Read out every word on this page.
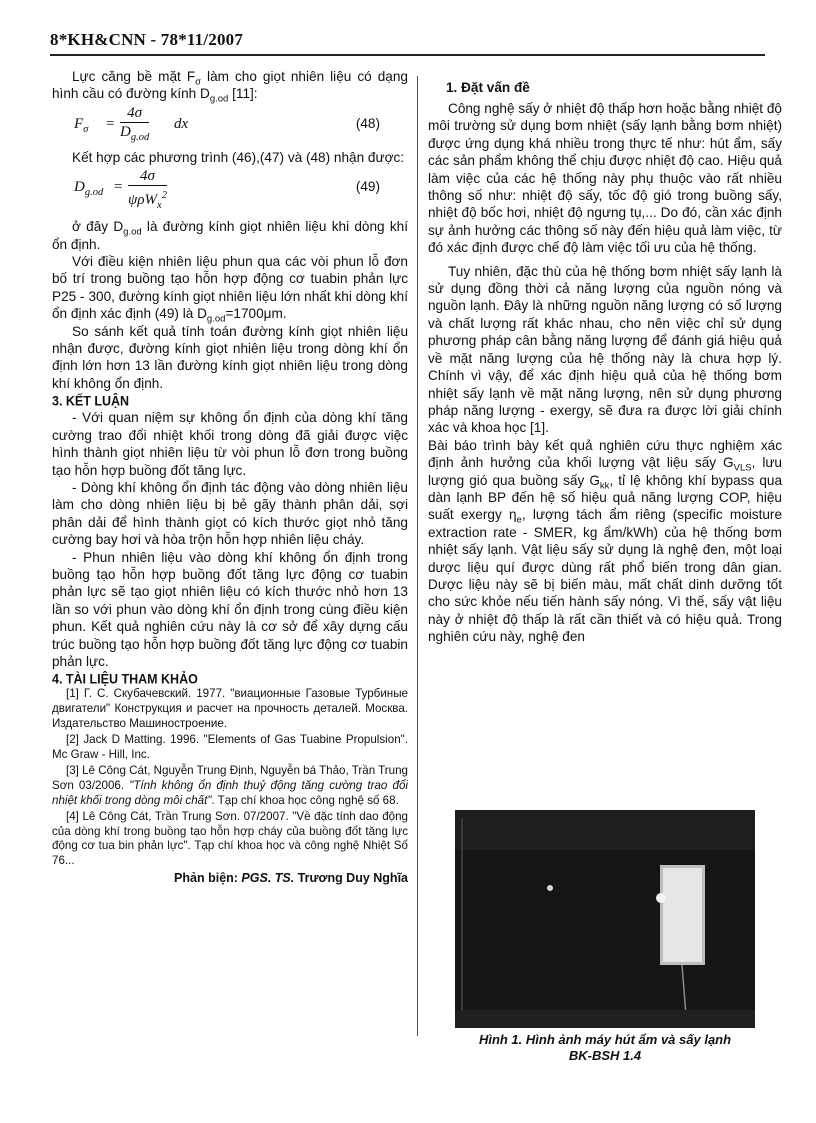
8*KH&CNN - 78*11/2007

Lực căng bề mặt $F_\sigma$ làm cho giọt nhiên liệu có dạng hình cầu có đường kính $D_{g.od}$ [11]:

$F_\sigma = \frac{4\sigma}{D_{g.od}}$ dx	(48)

Kết hợp các phương trình (46),(47) và (48) nhận được:

$D_{g.od}$ =
4σ
ψρW$_x^2$
(49)

ở đây $D_{g.od}$ là đường kính giọt nhiên liệu khi dòng khí ổn định.

Với điều kiện nhiên liệu phun qua các vòi phun lỗ đơn bố trí trong buồng tạo hỗn hợp động cơ tuabin phản lực P25 - 300, đường kính giọt nhiên liệu lớn nhất khi dòng khí ổn định xác định (49) là $D_{g.od}=1700\mu m$.

So sánh kết quả tính toán đường kính giọt nhiên liệu nhận được, đường kính giọt nhiên liệu trong dòng khí ổn định lớn hơn 13 lần đường kính giọt nhiên liệu trong dòng khí không ổn định.

3. KẾT LUẬN

- Với quan niệm sự không ổn định của dòng khí tăng cường trao đổi nhiệt khối trong dòng đã giải được việc hình thành giọt nhiên liệu từ vòi phun lỗ đơn trong buồng tạo hỗn hợp buồng đốt tăng lực.

- Dòng khí không ổn định tác động vào dòng nhiên liệu làm cho dòng nhiên liệu bị bẻ gãy thành phân dải, sợi phân dải để hình thành giọt có kích thước giọt nhỏ tăng cường bay hơi và hòa trộn hỗn hợp nhiên liệu cháy.

- Phun nhiên liệu vào dòng khí không ổn định trong buồng tạo hỗn hợp buồng đốt tăng lực động cơ tuabin phản lực sẽ tạo giọt nhiên liệu có kích thước nhỏ hơn 13 lần so với phun vào dòng khí ổn định trong cùng điều kiện phun. Kết quả nghiên cứu này là cơ sở để xây dựng cấu trúc buồng tạo hỗn hợp buồng đốt tăng lực động cơ tuabin phản lực.

4. TÀI LIỆU THAM KHẢO

[1] Г. С. Скубачевский. 1977. "виационные Газовые Турбиные двигатели" Конструкция и расчет на прочность деталей. Москва. Издательство Машиностроение.

[2] Jack D Matting. 1996. "Elements of Gas Tuabine Propulsion". Mc Graw - Hill, Inc.

[3] Lê Công Cát, Nguyễn Trung Định, Nguyễn bá Thảo, Trần Trung Sơn 03/2006. "Tính không ổn định thuỷ động tăng cường trao đổi nhiệt khối trong dòng môi chất". Tạp chí khoa học công nghệ số 68.

[4] Lê Công Cát, Trần Trung Sơn. 07/2007. "Về đặc tính dao động của dòng khí trong buồng tạo hỗn hợp cháy của buồng đốt tăng lực động cơ tua bin phản lực". Tạp chí khoa học và công nghệ Nhiệt Số 76...

Phản biện: PGS. TS. Trương Duy Nghĩa
1. Đặt vấn đề

Công nghệ sấy ở nhiệt độ thấp hơn hoặc bằng nhiệt độ môi trường sử dụng bơm nhiệt (sấy lạnh bằng bơm nhiệt) được ứng dụng khá nhiều trong thực tế như: hút ẩm, sấy các sản phẩm không thể chịu được nhiệt độ cao. Hiệu quả làm việc của các hệ thống này phụ thuộc vào rất nhiều thông số như: nhiệt độ sấy, tốc độ gió trong buồng sấy, nhiệt độ bốc hơi, nhiệt độ ngưng tụ,... Do đó, cần xác định sự ảnh hưởng các thông số này đến hiệu quả làm việc, từ đó xác định được chế độ làm việc tối ưu của hệ thống.

Tuy nhiên, đặc thù của hệ thống bơm nhiệt sấy lạnh là sử dụng đồng thời cả năng lượng của nguồn nóng và nguồn lạnh. Đây là những nguồn năng lượng có số lượng và chất lượng rất khác nhau, cho nên việc chỉ sử dụng phương pháp cân bằng năng lượng để đánh giá hiệu quả về mặt năng lượng của hệ thống này là chưa hợp lý. Chính vì vậy, để xác định hiệu quả của hệ thống bơm nhiệt sấy lạnh về mặt năng lượng, nên sử dụng phương pháp năng lượng - exergy, sẽ đưa ra được lời giải chính xác và khoa học [1].

Bài báo trình bày kết quả nghiên cứu thực nghiệm xác định ảnh hưởng của khối lượng vật liệu sấy $G_{VLS}$, lưu lượng gió qua buồng sấy $G_{kk}$, tỉ lệ không khí bypass qua dàn lạnh BP đến hệ số hiệu quả năng lượng COP, hiệu suất exergy $\eta_e$, lượng tách ẩm riêng (specific moisture extraction rate - SMER, kg ẩm/kWh) của hệ thống bơm nhiệt sấy lạnh. Vật liệu sấy sử dụng là nghệ đen, một loại dược liệu quí được dùng rất phổ biến trong dân gian. Dược liệu này sẽ bị biến màu, mất chất dinh dưỡng tốt cho sức khỏe nếu tiến hành sấy nóng. Vì thế, sấy vật liệu này ở nhiệt độ thấp là rất cần thiết và có hiệu quả. Trong nghiên cứu này, nghệ đen

Hình 1. Hình ảnh máy hút ẩm và sấy lạnh
BK-BSH 1.4
